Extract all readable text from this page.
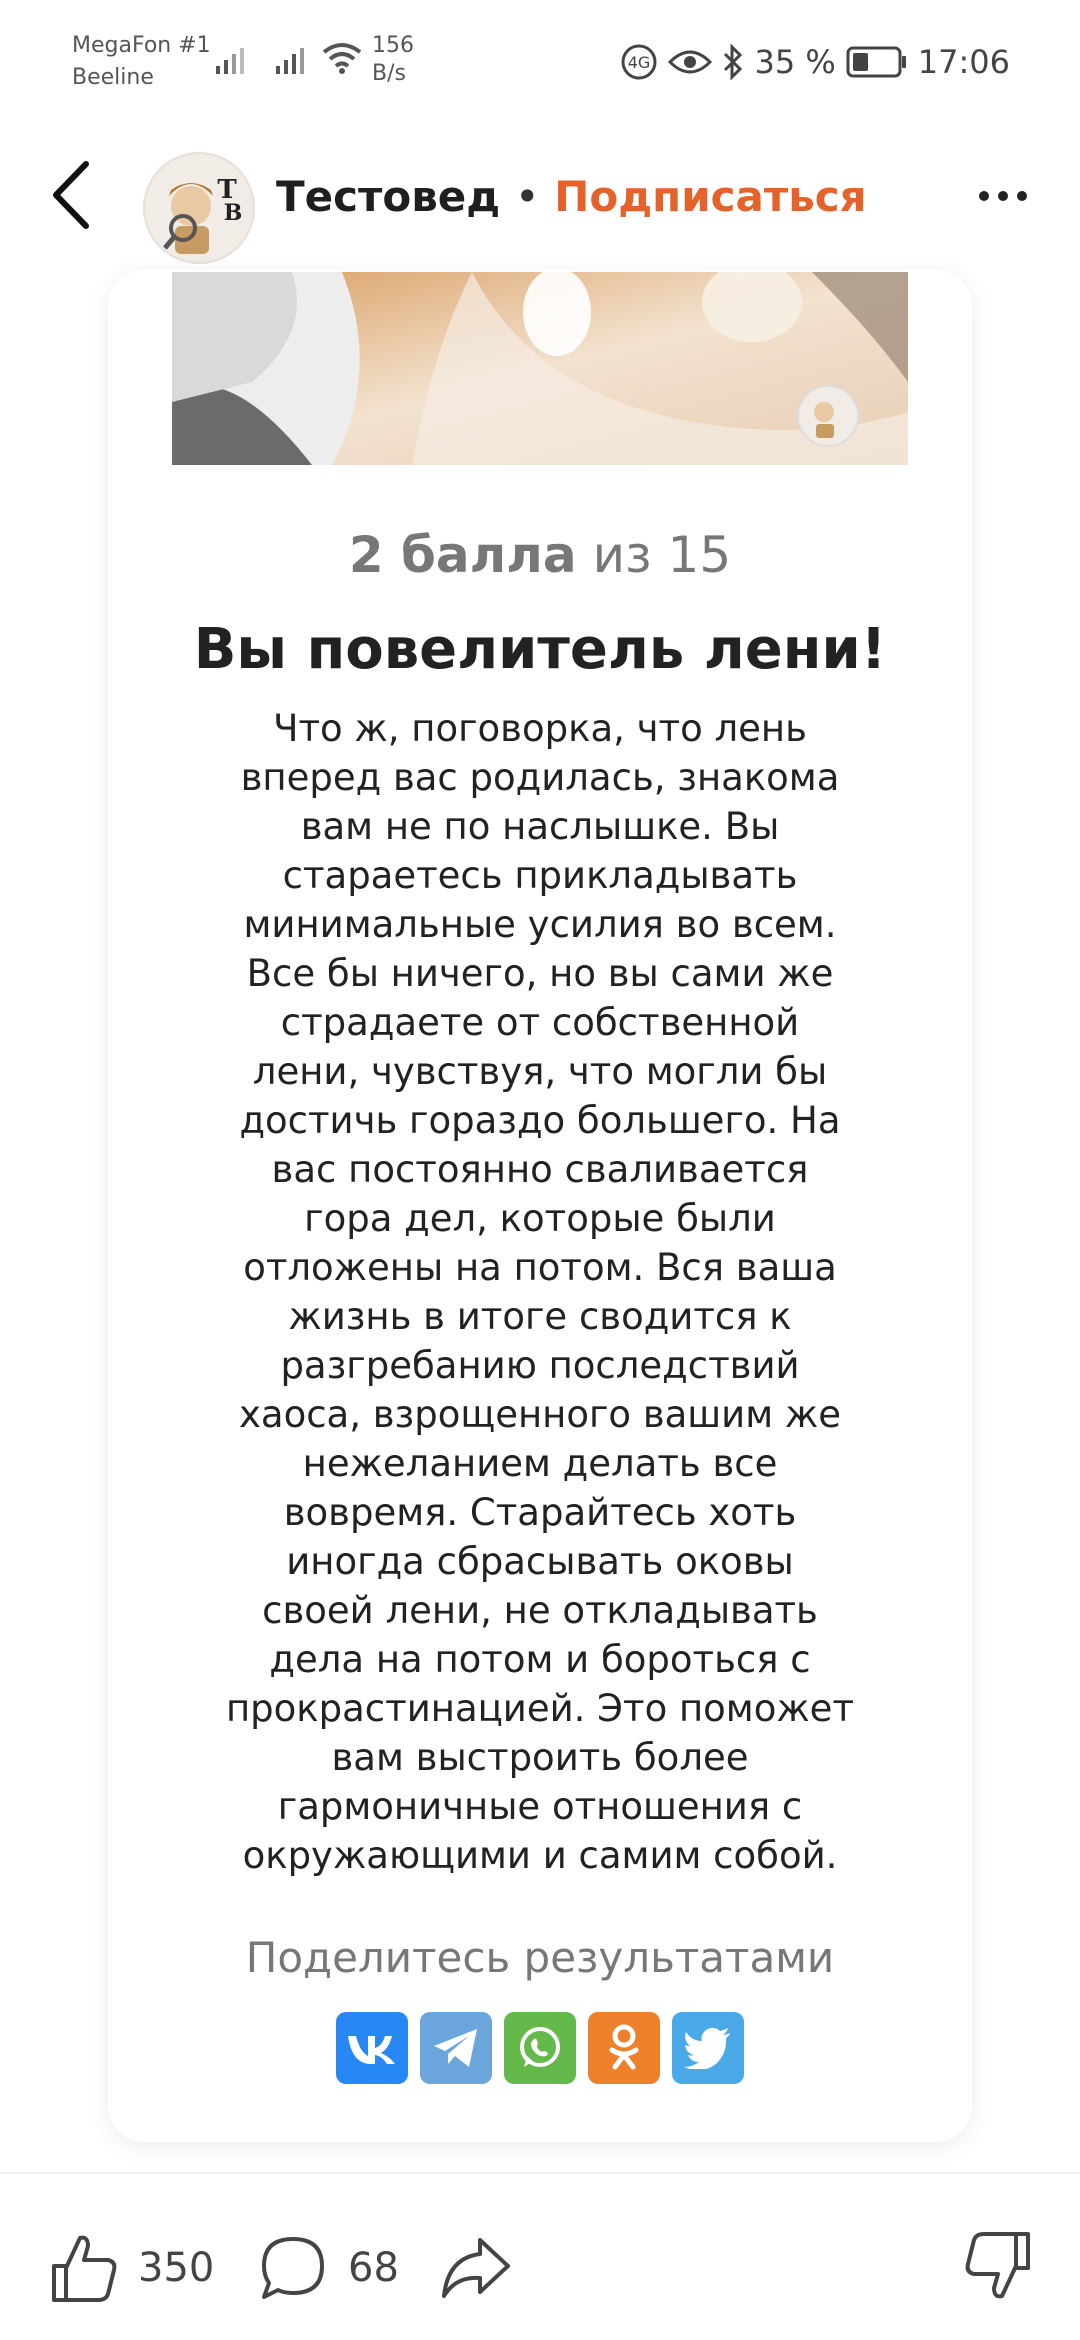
MegaFon #1
Beeline
156
B/s	4G	35 %	17:06
Т
В Тестовед • Подписаться
2 балла из 15
Вы повелитель лени!
Что ж, поговорка, что лень вперед вас родилась, знакома вам не по наслышке. Вы стараетесь прикладывать минимальные усилия во всем. Все бы ничего, но вы сами же страдаете от собственной лени, чувствуя, что могли бы достичь гораздо большего. На вас постоянно сваливается гора дел, которые были отложены на потом. Вся ваша жизнь в итоге сводится к разгребанию последствий хаоса, взрощенного вашим же нежеланием делать все вовремя. Старайтесь хоть иногда сбрасывать оковы своей лени, не откладывать дела на потом и бороться с прокрастинацией. Это поможет вам выстроить более гармоничные отношения с окружающими и самим собой.
Поделитесь результатами
350	68
